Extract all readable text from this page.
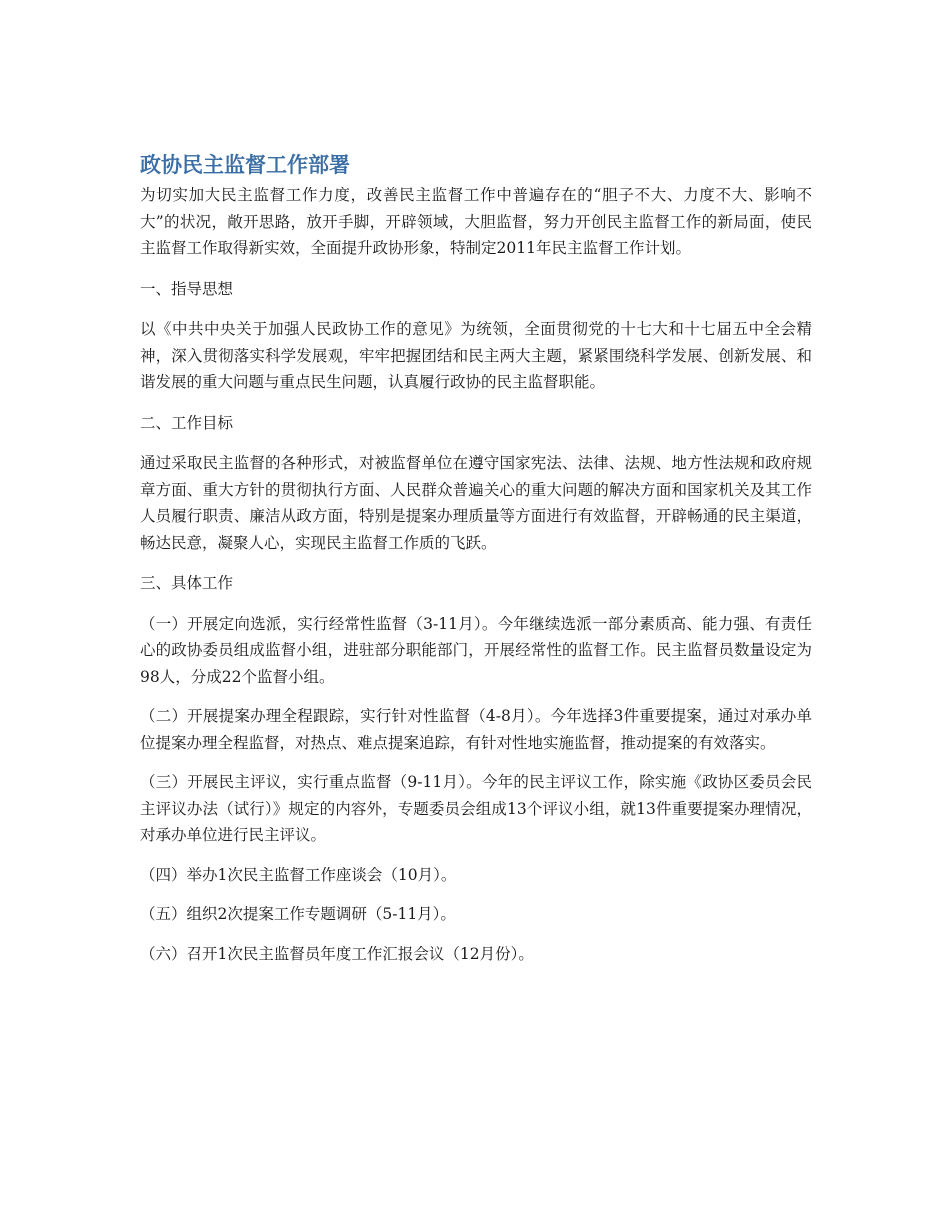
政协民主监督工作部署

为切实加大民主监督工作力度，改善民主监督工作中普遍存在的“胆子不大、力度不大、影响不大”的状况，敞开思路，放开手脚，开辟领域，大胆监督，努力开创民主监督工作的新局面，使民主监督工作取得新实效，全面提升政协形象，特制定2011年民主监督工作计划。

一、指导思想

以《中共中央关于加强人民政协工作的意见》为统领，全面贯彻党的十七大和十七届五中全会精神，深入贯彻落实科学发展观，牢牢把握团结和民主两大主题，紧紧围绕科学发展、创新发展、和谐发展的重大问题与重点民生问题，认真履行政协的民主监督职能。

二、工作目标

通过采取民主监督的各种形式，对被监督单位在遵守国家宪法、法律、法规、地方性法规和政府规章方面、重大方针的贯彻执行方面、人民群众普遍关心的重大问题的解决方面和国家机关及其工作人员履行职责、廉洁从政方面，特别是提案办理质量等方面进行有效监督，开辟畅通的民主渠道，畅达民意，凝聚人心，实现民主监督工作质的飞跃。

三、具体工作

（一）开展定向选派，实行经常性监督（3-11月）。今年继续选派一部分素质高、能力强、有责任心的政协委员组成监督小组，进驻部分职能部门，开展经常性的监督工作。民主监督员数量设定为98人，分成22个监督小组。

（二）开展提案办理全程跟踪，实行针对性监督（4-8月）。今年选择3件重要提案，通过对承办单位提案办理全程监督，对热点、难点提案追踪，有针对性地实施监督，推动提案的有效落实。

（三）开展民主评议，实行重点监督（9-11月）。今年的民主评议工作，除实施《政协区委员会民主评议办法（试行）》规定的内容外，专题委员会组成13个评议小组，就13件重要提案办理情况，对承办单位进行民主评议。

（四）举办1次民主监督工作座谈会（10月）。

（五）组织2次提案工作专题调研（5-11月）。

（六）召开1次民主监督员年度工作汇报会议（12月份）。
